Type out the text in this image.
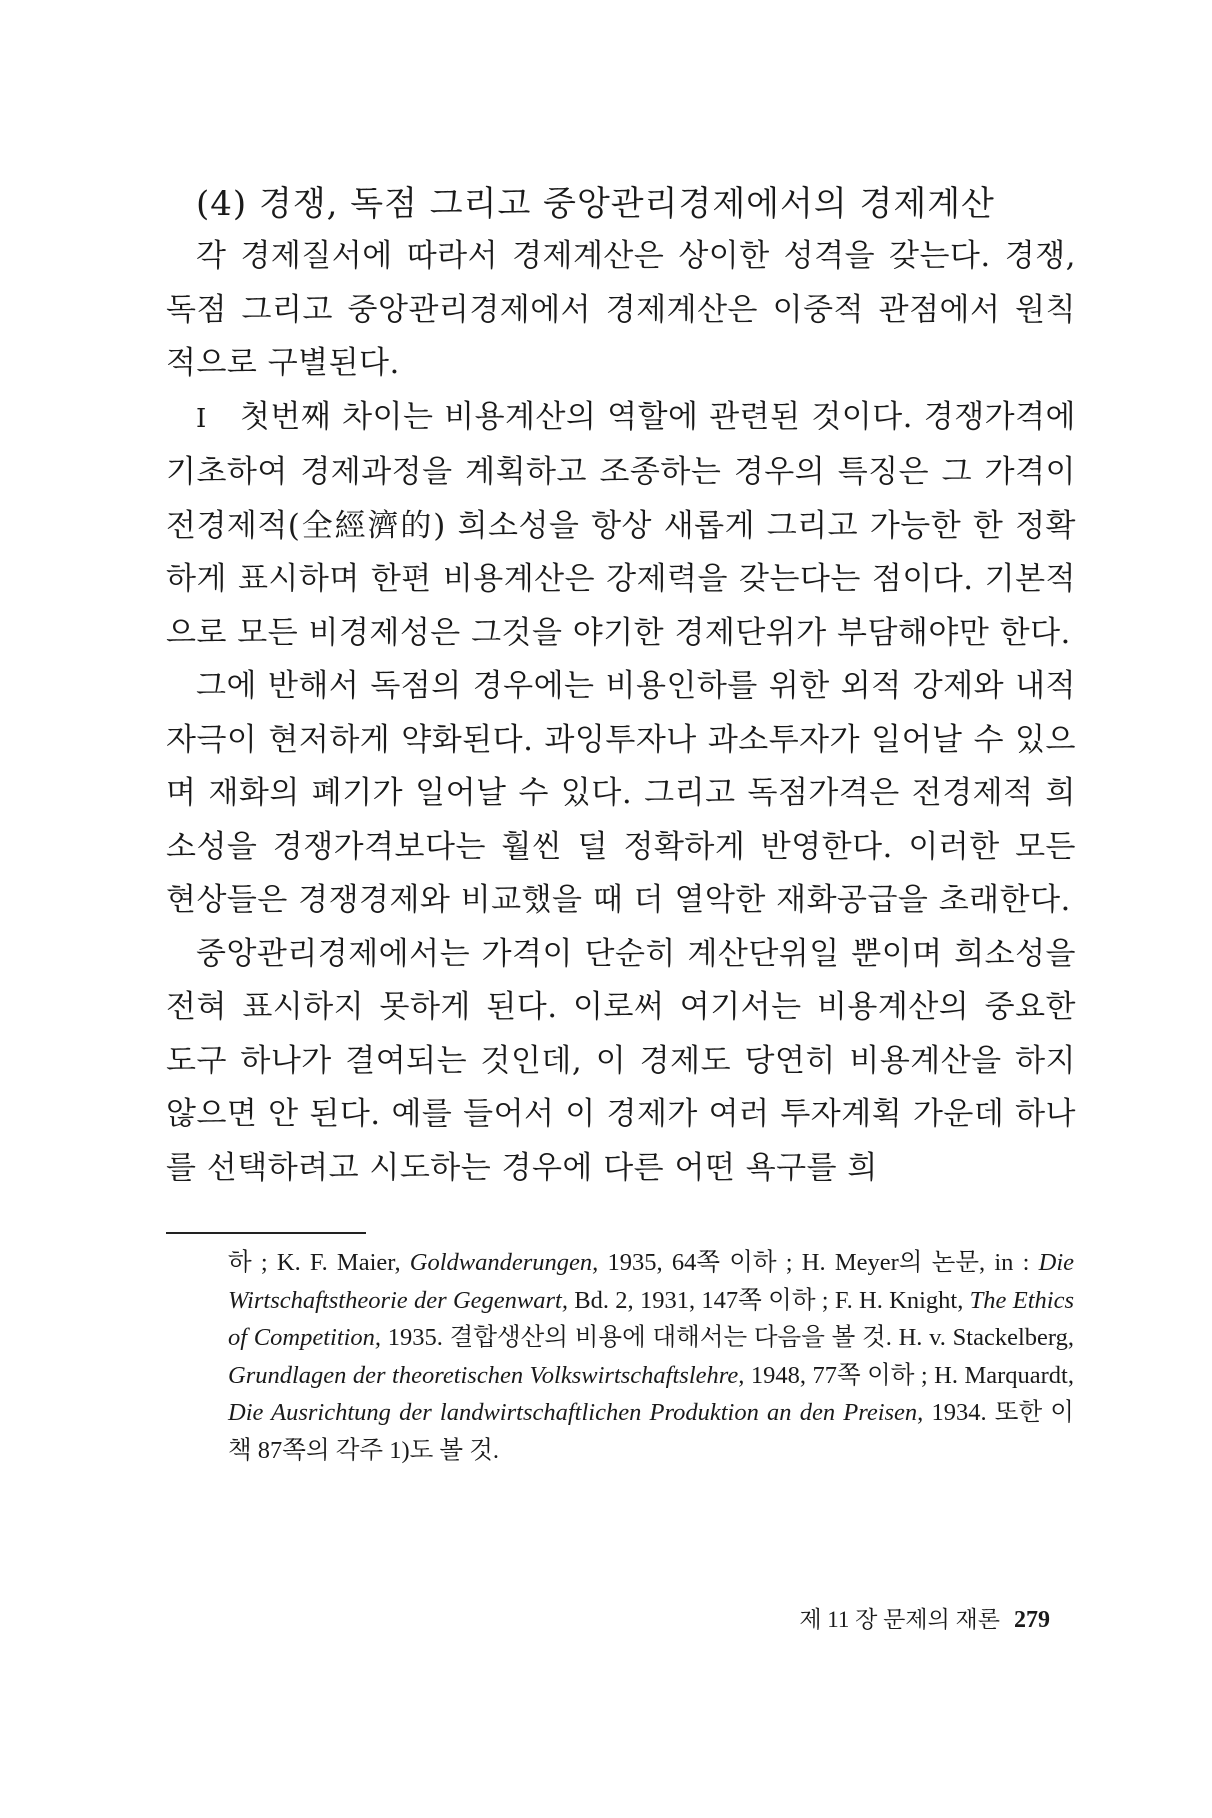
(4) 경쟁, 독점 그리고 중앙관리경제에서의 경제계산

각 경제질서에 따라서 경제계산은 상이한 성격을 갖는다. 경쟁, 독점 그리고 중앙관리경제에서 경제계산은 이중적 관점에서 원칙적으로 구별된다.

I 첫번째 차이는 비용계산의 역할에 관련된 것이다. 경쟁가격에 기초하여 경제과정을 계획하고 조종하는 경우의 특징은 그 가격이 전경제적(全經濟的) 희소성을 항상 새롭게 그리고 가능한 한 정확하게 표시하며 한편 비용계산은 강제력을 갖는다는 점이다. 기본적으로 모든 비경제성은 그것을 야기한 경제단위가 부담해야만 한다.

그에 반해서 독점의 경우에는 비용인하를 위한 외적 강제와 내적 자극이 현저하게 약화된다. 과잉투자나 과소투자가 일어날 수 있으며 재화의 폐기가 일어날 수 있다. 그리고 독점가격은 전경제적 희소성을 경쟁가격보다는 훨씬 덜 정확하게 반영한다. 이러한 모든 현상들은 경쟁경제와 비교했을 때 더 열악한 재화공급을 초래한다.

중앙관리경제에서는 가격이 단순히 계산단위일 뿐이며 희소성을 전혀 표시하지 못하게 된다. 이로써 여기서는 비용계산의 중요한 도구 하나가 결여되는 것인데, 이 경제도 당연히 비용계산을 하지 않으면 안 된다. 예를 들어서 이 경제가 여러 투자계획 가운데 하나를 선택하려고 시도하는 경우에 다른 어떤 욕구를 희

하 ; K. F. Maier, Goldwanderungen, 1935, 64쪽 이하 ; H. Meyer의 논문, in : Die Wirtschaftstheorie der Gegenwart, Bd. 2, 1931, 147쪽 이하 ; F. H. Knight, The Ethics of Competition, 1935. 결합생산의 비용에 대해서는 다음을 볼 것. H. v. Stackelberg, Grundlagen der theoretischen Volkswirtschaftslehre, 1948, 77쪽 이하 ; H. Marquardt, Die Ausrichtung der landwirtschaftlichen Produktion an den Preisen, 1934. 또한 이 책 87쪽의 각주 1)도 볼 것.

제 11 장 문제의 재론 279
